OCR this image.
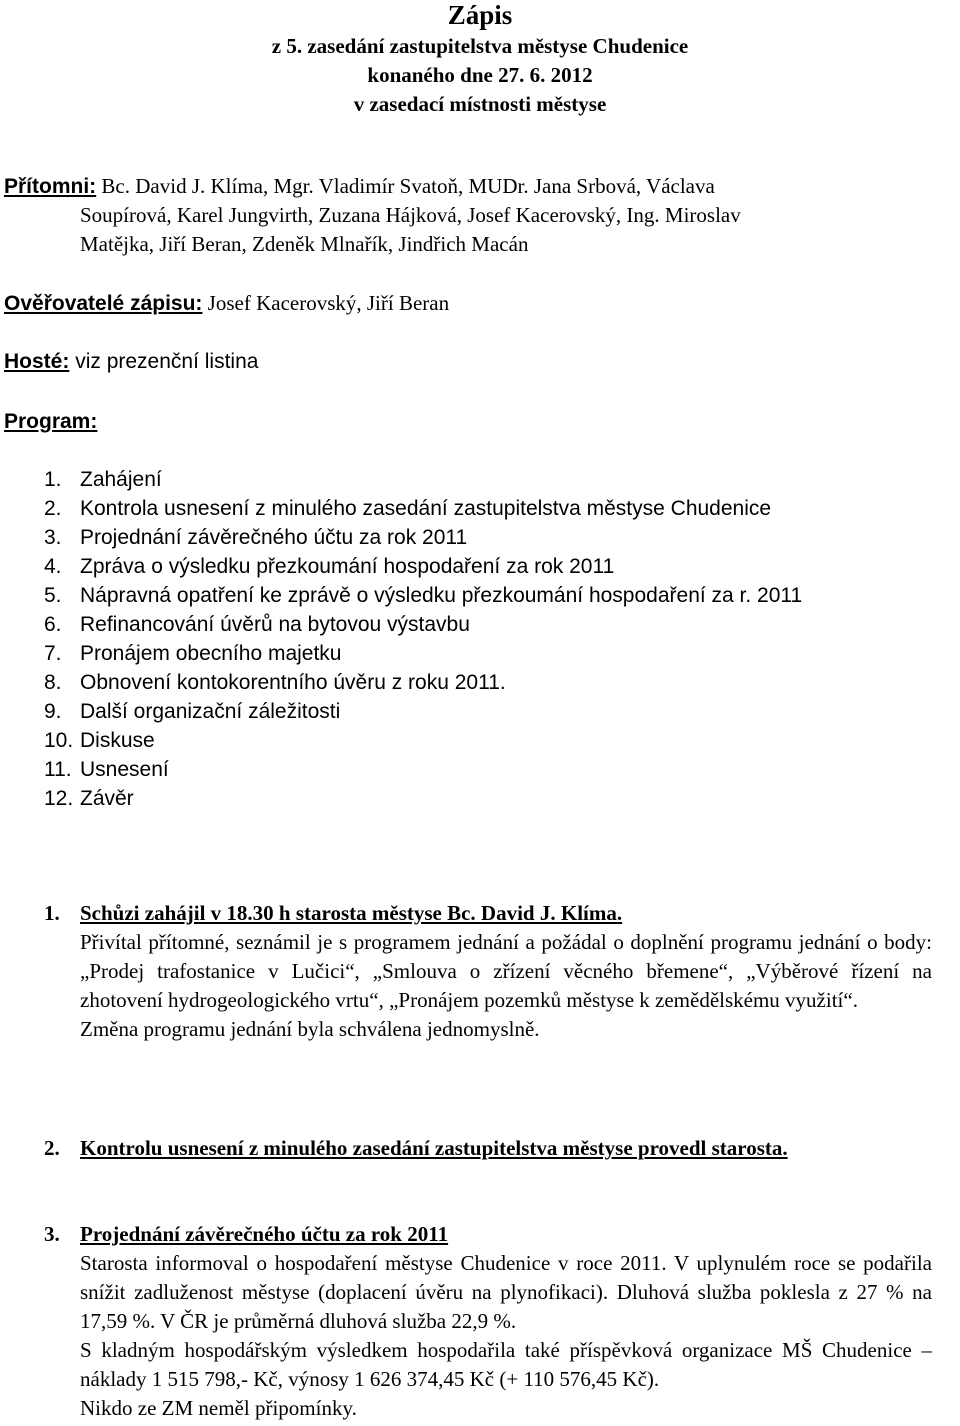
Zápis
z 5. zasedání zastupitelstva městyse Chudenice
konaného dne 27. 6. 2012
v zasedací místnosti městyse
Přítomni: Bc. David J. Klíma, Mgr. Vladimír Svatoň, MUDr. Jana Srbová, Václava
Soupírová, Karel Jungvirth, Zuzana Hájková, Josef Kacerovský, Ing. Miroslav
Matějka, Jiří Beran, Zdeněk Mlnařík, Jindřich Macán
Ověřovatelé zápisu: Josef Kacerovský, Jiří Beran
Hosté: viz prezenční listina
Program:
1. Zahájení
2. Kontrola usnesení z minulého zasedání zastupitelstva městyse Chudenice
3. Projednání závěrečného účtu za rok 2011
4. Zpráva o výsledku přezkoumání hospodaření za rok 2011
5. Nápravná opatření ke zprávě o výsledku přezkoumání hospodaření za r. 2011
6. Refinancování úvěrů na bytovou výstavbu
7. Pronájem obecního majetku
8. Obnovení kontokorentního úvěru z roku 2011.
9. Další organizační záležitosti
10. Diskuse
11. Usnesení
12. Závěr
1. Schůzi zahájil v 18.30 h starosta městyse Bc. David J. Klíma.

Přivítal přítomné, seznámil je s programem jednání a požádal o doplnění programu jednání o body: „Prodej trafostanice v Lučici“, „Smlouva o zřízení věcného břemene“, „Výběrové řízení na zhotovení hydrogeologického vrtu“, „Pronájem pozemků městyse k zemědělskému využití“.

Změna programu jednání byla schválena jednomyslně.

2. Kontrolu usnesení z minulého zasedání zastupitelstva městyse provedl starosta.
3. Projednání závěrečného účtu za rok 2011

Starosta informoval o hospodaření městyse Chudenice v roce 2011. V uplynulém roce se podařila snížit zadluženost městyse (doplacení úvěru na plynofikaci). Dluhová služba poklesla z 27 % na 17,59 %. V ČR je průměrná dluhová služba 22,9 %.

S kladným hospodářským výsledkem hospodařila také příspěvková organizace MŠ Chudenice – náklady 1 515 798,- Kč, výnosy 1 626 374,45 Kč (+ 110 576,45 Kč).

Nikdo ze ZM neměl připomínky.
